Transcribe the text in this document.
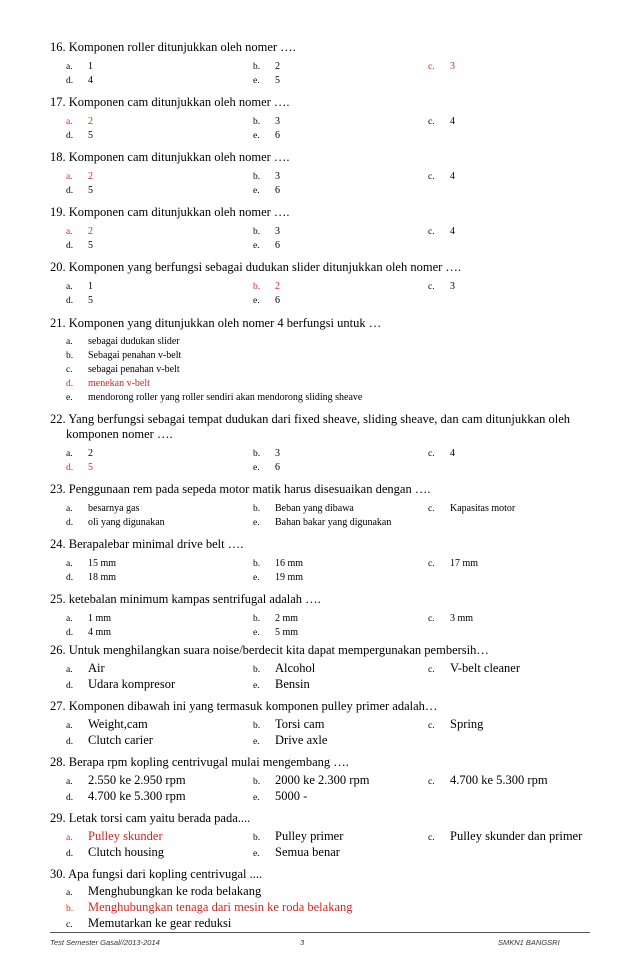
16. Komponen roller ditunjukkan oleh nomer ….
a. 1	b. 2	c. 3
d. 4	e. 5
17. Komponen cam ditunjukkan oleh nomer ….
a. 2	b. 3	c. 4
d. 5	e. 6
18. Komponen cam ditunjukkan oleh nomer ….
a. 2	b. 3	c. 4
d. 5	e. 6
19. Komponen cam ditunjukkan oleh nomer ….
a. 2	b. 3	c. 4
d. 5	e. 6
20. Komponen yang berfungsi sebagai dudukan slider ditunjukkan oleh nomer ….
a. 1	b. 2	c. 3
d. 5	e. 6
21. Komponen yang ditunjukkan oleh nomer 4 berfungsi untuk …
a. sebagai dudukan slider
b. Sebagai penahan v-belt
c. sebagai penahan v-belt
d. menekan v-belt
e. mendorong roller yang roller sendiri akan mendorong sliding sheave
22. Yang berfungsi sebagai tempat dudukan dari fixed sheave, sliding sheave, dan cam ditunjukkan oleh
komponen nomer ….
a. 2	b. 3	c. 4
d. 5	e. 6
23. Penggunaan rem pada sepeda motor matik harus disesuaikan dengan ….
a. besarnya gas	b. Beban yang dibawa	c. Kapasitas motor
d. oli yang digunakan	e. Bahan bakar yang digunakan
24. Berapalebar minimal drive belt ….
a. 15 mm	b. 16 mm	c. 17 mm
d. 18 mm	e. 19 mm
25. ketebalan minimum kampas sentrifugal adalah ….
a. 1 mm	b. 2 mm	c. 3 mm
d. 4 mm	e. 5 mm
26. Untuk menghilangkan suara noise/berdecit kita dapat mempergunakan pembersih…
a. Air	b. Alcohol	c. V-belt cleaner
d. Udara kompresor	e. Bensin
27. Komponen dibawah ini yang termasuk komponen pulley primer adalah…
a. Weight,cam	b. Torsi cam	c. Spring
d. Clutch carier	e. Drive axle
28. Berapa rpm kopling centrivugal mulai mengembang ….
a. 2.550 ke 2.950 rpm	b. 2000 ke 2.300 rpm	c. 4.700 ke 5.300 rpm
d. 4.700 ke 5.300 rpm	e. 5000 -
29. Letak torsi cam yaitu berada pada....
a. Pulley skunder	b. Pulley primer	c. Pulley skunder dan primer
d. Clutch housing	e. Semua benar
30. Apa fungsi dari kopling centrivugal ....
a. Menghubungkan ke roda belakang
b. Menghubungkan tenaga dari mesin ke roda belakang
c. Memutarkan ke gear reduksi
Test Semester Gasal//2013-2014	3	SMKN1 BANGSRI
